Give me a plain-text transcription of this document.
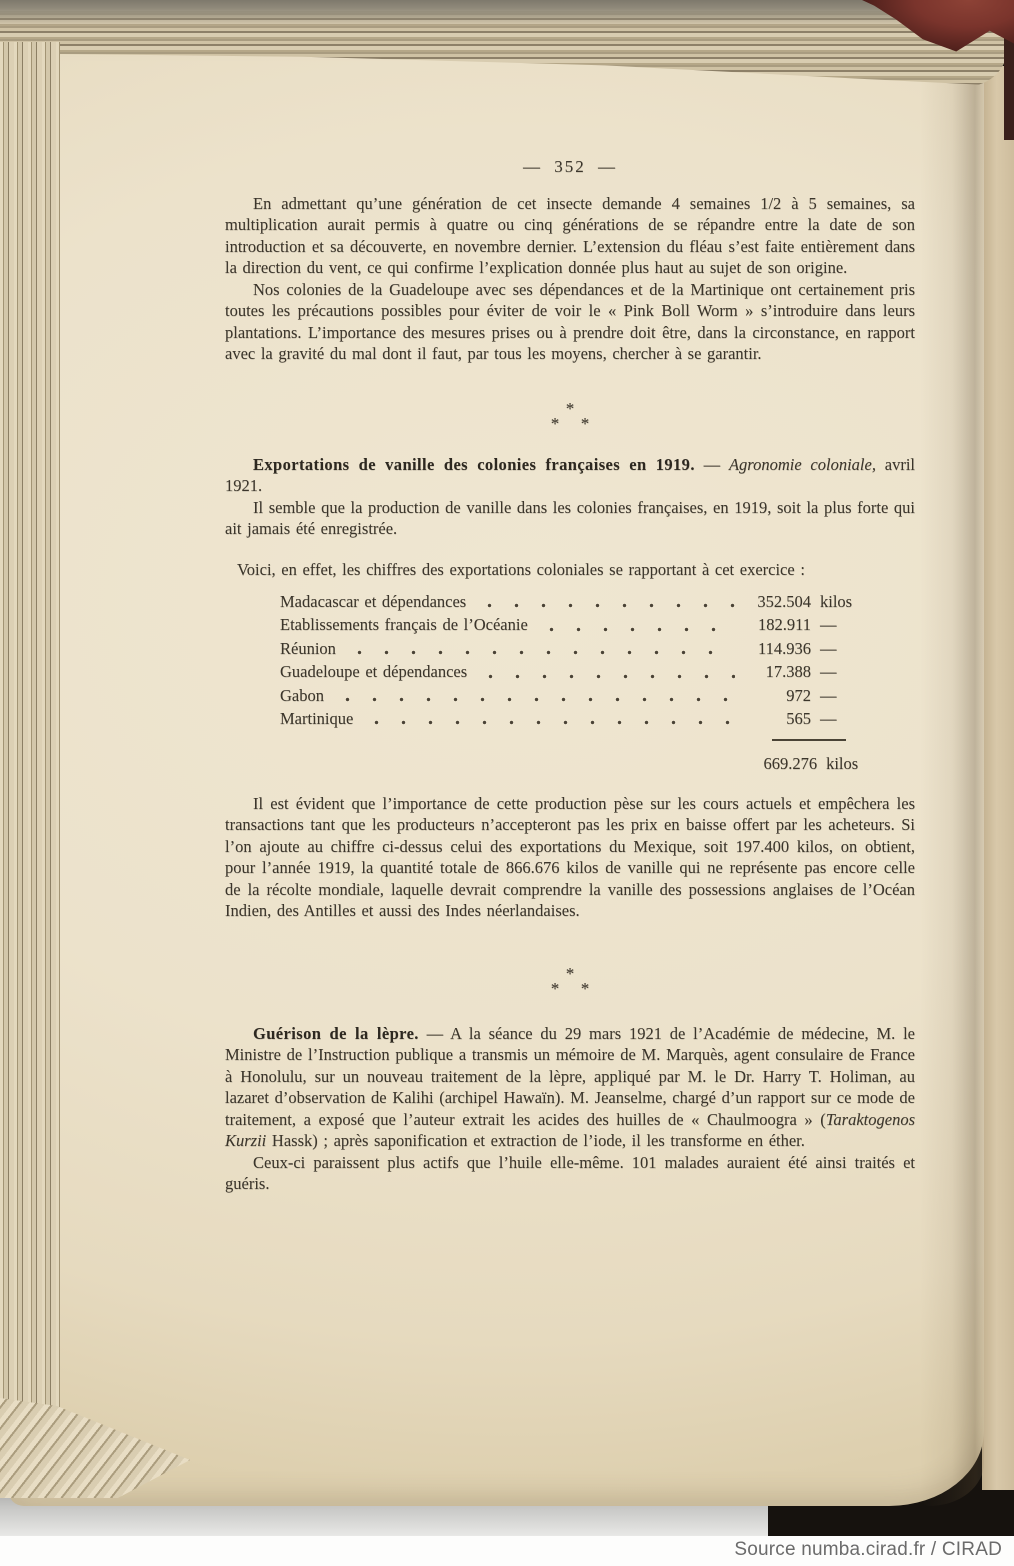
— 352 —

En admettant qu’une génération de cet insecte demande 4 semaines 1/2 à 5 semaines, sa multiplication aurait permis à quatre ou cinq générations de se répandre entre la date de son introduction et sa découverte, en novembre dernier. L’extension du fléau s’est faite entièrement dans la direction du vent, ce qui confirme l’explication donnée plus haut au sujet de son origine.

Nos colonies de la Guadeloupe avec ses dépendances et de la Martinique ont certainement pris toutes les précautions possibles pour éviter de voir le « Pink Boll Worm » s’introduire dans leurs plantations. L’importance des mesures prises ou à prendre doit être, dans la circonstance, en rapport avec la gravité du mal dont il faut, par tous les moyens, chercher à se garantir.

*
* *

Exportations de vanille des colonies françaises en 1919. — Agronomie coloniale, avril 1921.

Il semble que la production de vanille dans les colonies françaises, en 1919, soit la plus forte qui ait jamais été enregistrée.

Voici, en effet, les chiffres des exportations coloniales se rapportant à cet exercice :

Madacascar et dépendances	352.504 kilos
Etablissements français de l’Océanie	182.911 —
Réunion	114.936 —
Guadeloupe et dépendances	17.388 —
Gabon	972 —
Martinique	565 —
669.276 kilos

Il est évident que l’importance de cette production pèse sur les cours actuels et empêchera les transactions tant que les producteurs n’accepteront pas les prix en baisse offert par les acheteurs. Si l’on ajoute au chiffre ci-dessus celui des exportations du Mexique, soit 197.400 kilos, on obtient, pour l’année 1919, la quantité totale de 866.676 kilos de vanille qui ne représente pas encore celle de la récolte mondiale, laquelle devrait comprendre la vanille des possessions anglaises de l’Océan Indien, des Antilles et aussi des Indes néerlandaises.

*
* *

Guérison de la lèpre. — A la séance du 29 mars 1921 de l’Académie de médecine, M. le Ministre de l’Instruction publique a transmis un mémoire de M. Marquès, agent consulaire de France à Honolulu, sur un nouveau traitement de la lèpre, appliqué par M. le Dr. Harry T. Holiman, au lazaret d’observation de Kalihi (archipel Hawaïn). M. Jeanselme, chargé d’un rapport sur ce mode de traitement, a exposé que l’auteur extrait les acides des huilles de « Chaulmoogra » (Taraktogenos Kurzii Hassk) ; après saponification et extraction de l’iode, il les transforme en éther.

Ceux-ci paraissent plus actifs que l’huile elle-même. 101 malades auraient été ainsi traités et guéris.

Source numba.cirad.fr / CIRAD
